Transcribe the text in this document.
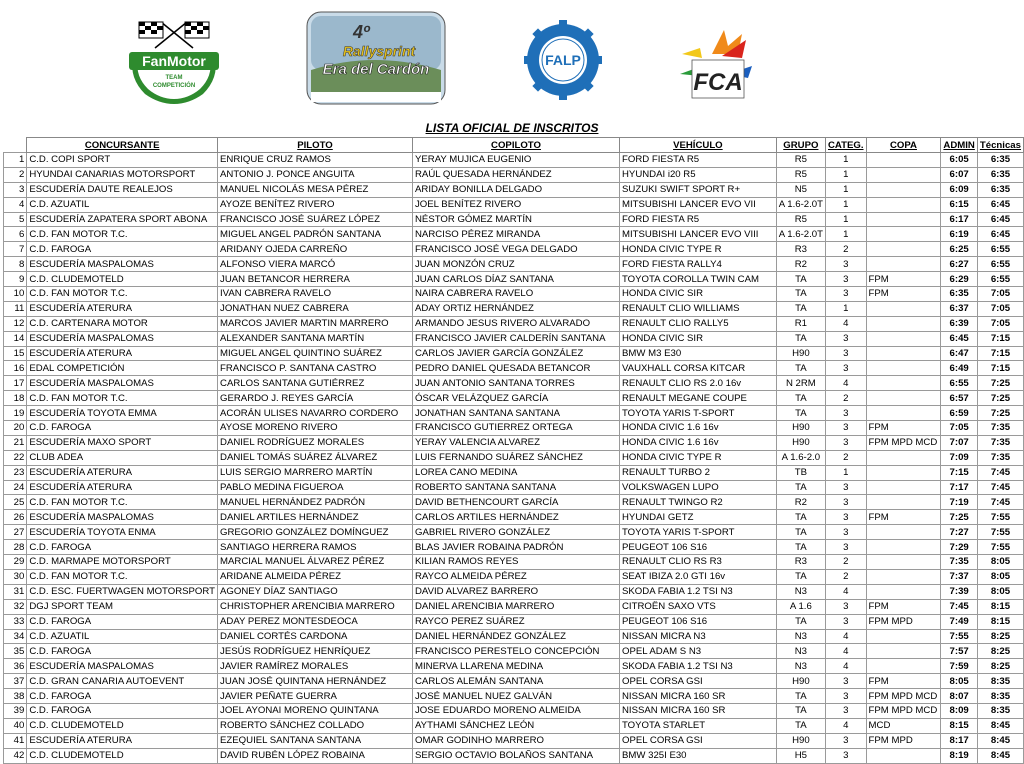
FanMotor
TEAM
COMPETICIÓN
4º
Rallysprint
Era del Cardón
FALP
FCA
LISTA OFICIAL DE INSCRITOS
	CONCURSANTE	PILOTO	COPILOTO	VEHÍCULO	GRUPO	CATEG.	COPA	ADMIN	Técnicas
1	C.D. COPI SPORT	ENRIQUE CRUZ RAMOS	YERAY MUJICA EUGENIO	FORD FIESTA R5	R5	1		6:05	6:35
2	HYUNDAI CANARIAS MOTORSPORT	ANTONIO J. PONCE ANGUITA	RAÚL QUESADA HERNÁNDEZ	HYUNDAI i20 R5	R5	1		6:07	6:35
3	ESCUDERÍA DAUTE REALEJOS	MANUEL NICOLÁS MESA PÉREZ	ARIDAY BONILLA DELGADO	SUZUKI SWIFT SPORT R+	N5	1		6:09	6:35
4	C.D. AZUATIL	AYOZE BENÍTEZ RIVERO	JOEL BENÍTEZ RIVERO	MITSUBISHI LANCER EVO VII	A 1.6-2.0T	1		6:15	6:45
5	ESCUDERÍA ZAPATERA SPORT ABONA	FRANCISCO JOSÉ SUÁREZ LÓPEZ	NÉSTOR GÓMEZ MARTÍN	FORD FIESTA R5	R5	1		6:17	6:45
6	C.D. FAN MOTOR T.C.	MIGUEL ANGEL PADRÓN SANTANA	NARCISO PÉREZ MIRANDA	MITSUBISHI LANCER EVO VIII	A 1.6-2.0T	1		6:19	6:45
7	C.D. FAROGA	ARIDANY OJEDA CARREÑO	FRANCISCO JOSÉ VEGA DELGADO	HONDA CIVIC TYPE R	R3	2		6:25	6:55
8	ESCUDERÍA MASPALOMAS	ALFONSO VIERA MARCÓ	JUAN MONZÓN CRUZ	FORD FIESTA RALLY4	R2	3		6:27	6:55
9	C.D. CLUDEMOTELD	JUAN BETANCOR HERRERA	JUAN CARLOS DÍAZ SANTANA	TOYOTA COROLLA TWIN CAM	TA	3	FPM	6:29	6:55
10	C.D. FAN MOTOR T.C.	IVAN CABRERA RAVELO	NAIRA CABRERA RAVELO	HONDA CIVIC SIR	TA	3	FPM	6:35	7:05
11	ESCUDERÍA ATERURA	JONATHAN NUEZ CABRERA	ADAY ORTIZ HERNÁNDEZ	RENAULT CLIO WILLIAMS	TA	1		6:37	7:05
12	C.D. CARTENARA MOTOR	MARCOS JAVIER MARTIN MARRERO	ARMANDO JESUS RIVERO ALVARADO	RENAULT CLIO RALLY5	R1	4		6:39	7:05
14	ESCUDERÍA MASPALOMAS	ALEXANDER SANTANA MARTÍN	FRANCISCO JAVIER CALDERÍN SANTANA	HONDA CIVIC SIR	TA	3		6:45	7:15
15	ESCUDERÍA ATERURA	MIGUEL ANGEL QUINTINO SUÁREZ	CARLOS JAVIER GARCÍA GONZÁLEZ	BMW M3 E30	H90	3		6:47	7:15
16	EDAL COMPETICIÓN	FRANCISCO P. SANTANA CASTRO	PEDRO DANIEL QUESADA BETANCOR	VAUXHALL CORSA KITCAR	TA	3		6:49	7:15
17	ESCUDERÍA MASPALOMAS	CARLOS SANTANA GUTIÉRREZ	JUAN ANTONIO SANTANA TORRES	RENAULT CLIO RS 2.0 16v	N 2RM	4		6:55	7:25
18	C.D. FAN MOTOR T.C.	GERARDO J. REYES GARCÍA	ÓSCAR VELÁZQUEZ GARCÍA	RENAULT MEGANE COUPE	TA	2		6:57	7:25
19	ESCUDERÍA TOYOTA EMMA	ACORÁN ULISES NAVARRO CORDERO	JONATHAN SANTANA SANTANA	TOYOTA YARIS T-SPORT	TA	3		6:59	7:25
20	C.D. FAROGA	AYOSE MORENO RIVERO	FRANCISCO GUTIERREZ ORTEGA	HONDA CIVIC 1.6 16v	H90	3	FPM	7:05	7:35
21	ESCUDERÍA MAXO SPORT	DANIEL RODRÍGUEZ MORALES	YERAY VALENCIA ALVAREZ	HONDA CIVIC 1.6 16v	H90	3	FPM MPD MCD	7:07	7:35
22	CLUB ADEA	DANIEL TOMÁS SUÁREZ ÁLVAREZ	LUIS FERNANDO SUÁREZ SÁNCHEZ	HONDA CIVIC TYPE R	A 1.6-2.0	2		7:09	7:35
23	ESCUDERÍA ATERURA	LUIS SERGIO MARRERO MARTÍN	LOREA CANO MEDINA	RENAULT TURBO 2	TB	1		7:15	7:45
24	ESCUDERÍA ATERURA	PABLO MEDINA FIGUEROA	ROBERTO SANTANA SANTANA	VOLKSWAGEN LUPO	TA	3		7:17	7:45
25	C.D. FAN MOTOR T.C.	MANUEL HERNÁNDEZ PADRÓN	DAVID BETHENCOURT GARCÍA	RENAULT TWINGO R2	R2	3		7:19	7:45
26	ESCUDERÍA MASPALOMAS	DANIEL ARTILES HERNÁNDEZ	CARLOS ARTILES HERNÁNDEZ	HYUNDAI GETZ	TA	3	FPM	7:25	7:55
27	ESCUDERÍA TOYOTA ENMA	GREGORIO GONZÁLEZ DOMÍNGUEZ	GABRIEL RIVERO GONZÁLEZ	TOYOTA YARIS T-SPORT	TA	3		7:27	7:55
28	C.D. FAROGA	SANTIAGO HERRERA RAMOS	BLAS JAVIER ROBAINA PADRÓN	PEUGEOT 106 S16	TA	3		7:29	7:55
29	C.D. MARMAPE MOTORSPORT	MARCIAL MANUEL ÁLVAREZ PÉREZ	KILIAN RAMOS REYES	RENAULT CLIO RS R3	R3	2		7:35	8:05
30	C.D. FAN MOTOR T.C.	ARIDANE ALMEIDA PÉREZ	RAYCO ALMEIDA PÉREZ	SEAT IBIZA 2.0 GTI 16v	TA	2		7:37	8:05
31	C.D. ESC. FUERTWAGEN MOTORSPORT	AGONEY DÍAZ SANTIAGO	DAVID ALVAREZ BARRERO	SKODA FABIA 1.2 TSI N3	N3	4		7:39	8:05
32	DGJ SPORT TEAM	CHRISTOPHER ARENCIBIA MARRERO	DANIEL ARENCIBIA MARRERO	CITROËN SAXO VTS	A 1.6	3	FPM	7:45	8:15
33	C.D. FAROGA	ADAY PEREZ MONTESDEOCA	RAYCO PEREZ SUÁREZ	PEUGEOT 106 S16	TA	3	FPM MPD	7:49	8:15
34	C.D. AZUATIL	DANIEL CORTÉS CARDONA	DANIEL HERNÁNDEZ GONZÁLEZ	NISSAN MICRA N3	N3	4		7:55	8:25
35	C.D. FAROGA	JESÚS RODRÍGUEZ HENRÍQUEZ	FRANCISCO PERESTELO CONCEPCIÓN	OPEL ADAM S N3	N3	4		7:57	8:25
36	ESCUDERÍA MASPALOMAS	JAVIER RAMÍREZ MORALES	MINERVA LLARENA MEDINA	SKODA FABIA 1.2 TSI N3	N3	4		7:59	8:25
37	C.D. GRAN CANARIA AUTOEVENT	JUAN JOSÉ QUINTANA HERNÁNDEZ	CARLOS ALEMÁN SANTANA	OPEL CORSA GSI	H90	3	FPM	8:05	8:35
38	C.D. FAROGA	JAVIER PEÑATE GUERRA	JOSÉ MANUEL NUEZ GALVÁN	NISSAN MICRA 160 SR	TA	3	FPM MPD MCD	8:07	8:35
39	C.D. FAROGA	JOEL AYONAI MORENO QUINTANA	JOSE EDUARDO MORENO ALMEIDA	NISSAN MICRA 160 SR	TA	3	FPM MPD MCD	8:09	8:35
40	C.D. CLUDEMOTELD	ROBERTO SÁNCHEZ COLLADO	AYTHAMI SÁNCHEZ LEÓN	TOYOTA STARLET	TA	4	MCD	8:15	8:45
41	ESCUDERÍA ATERURA	EZEQUIEL SANTANA SANTANA	OMAR GODINHO MARRERO	OPEL CORSA GSI	H90	3	FPM MPD	8:17	8:45
42	C.D. CLUDEMOTELD	DAVID RUBÉN LÓPEZ ROBAINA	SERGIO OCTAVIO BOLAÑOS SANTANA	BMW 325I E30	H5	3		8:19	8:45
